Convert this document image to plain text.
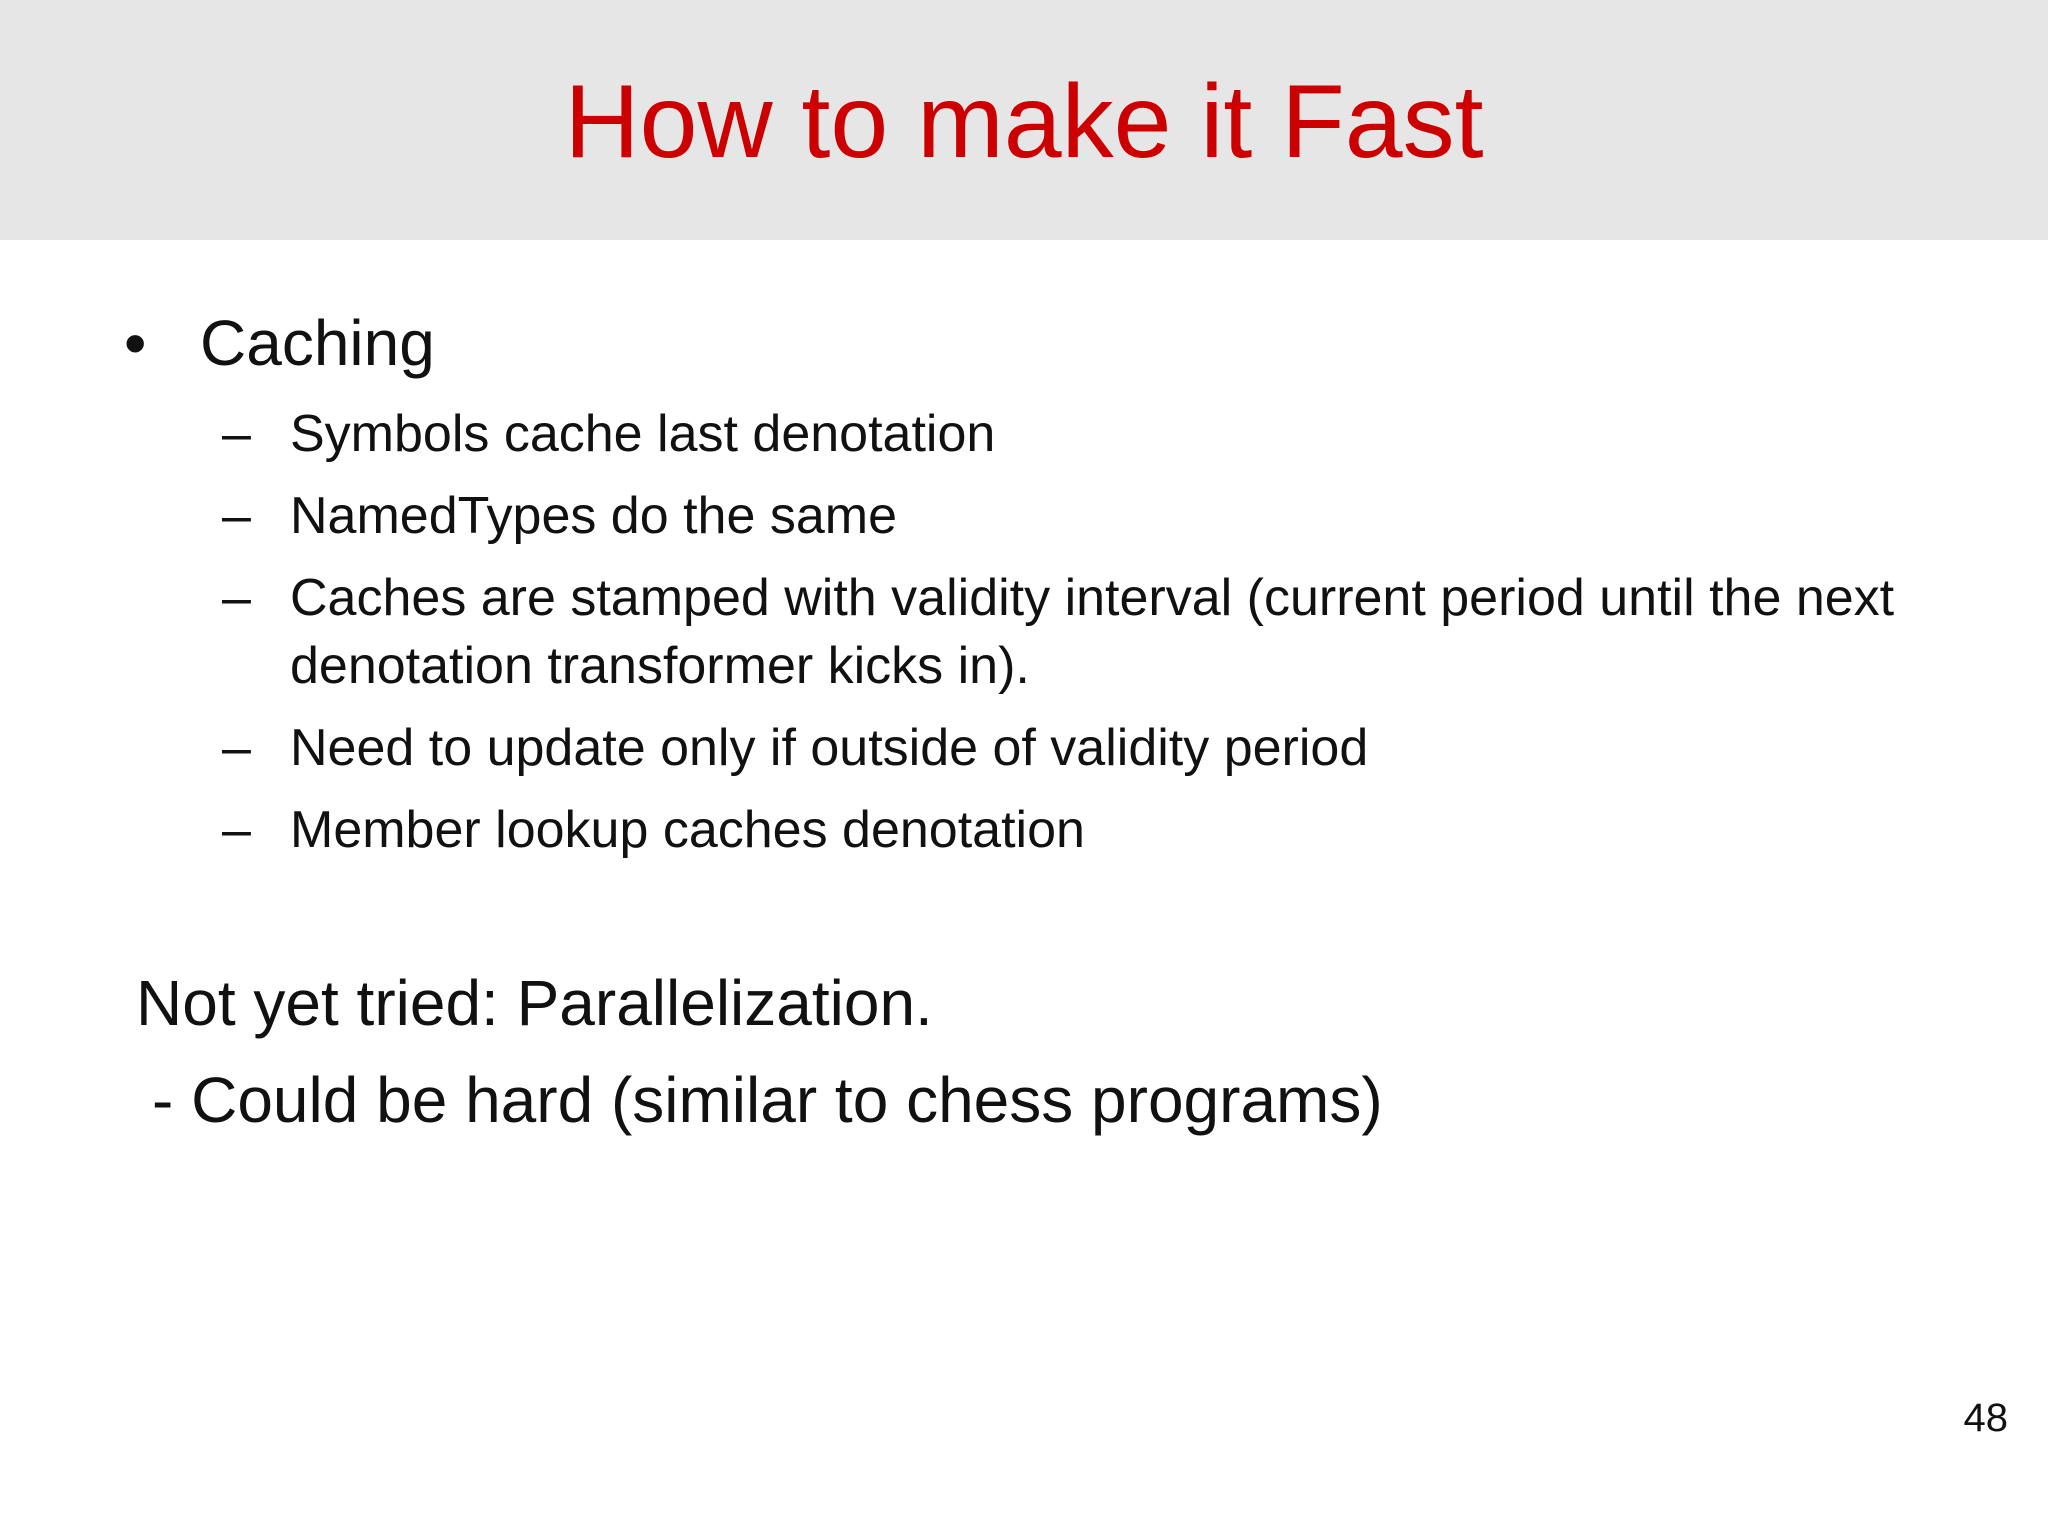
How to make it Fast
• Caching
– Symbols cache last denotation
– NamedTypes do the same
– Caches are stamped with validity interval (current period until the next denotation transformer kicks in).
– Need to update only if outside of validity period
– Member lookup caches denotation
Not yet tried: Parallelization.
- Could be hard (similar to chess programs)
48
